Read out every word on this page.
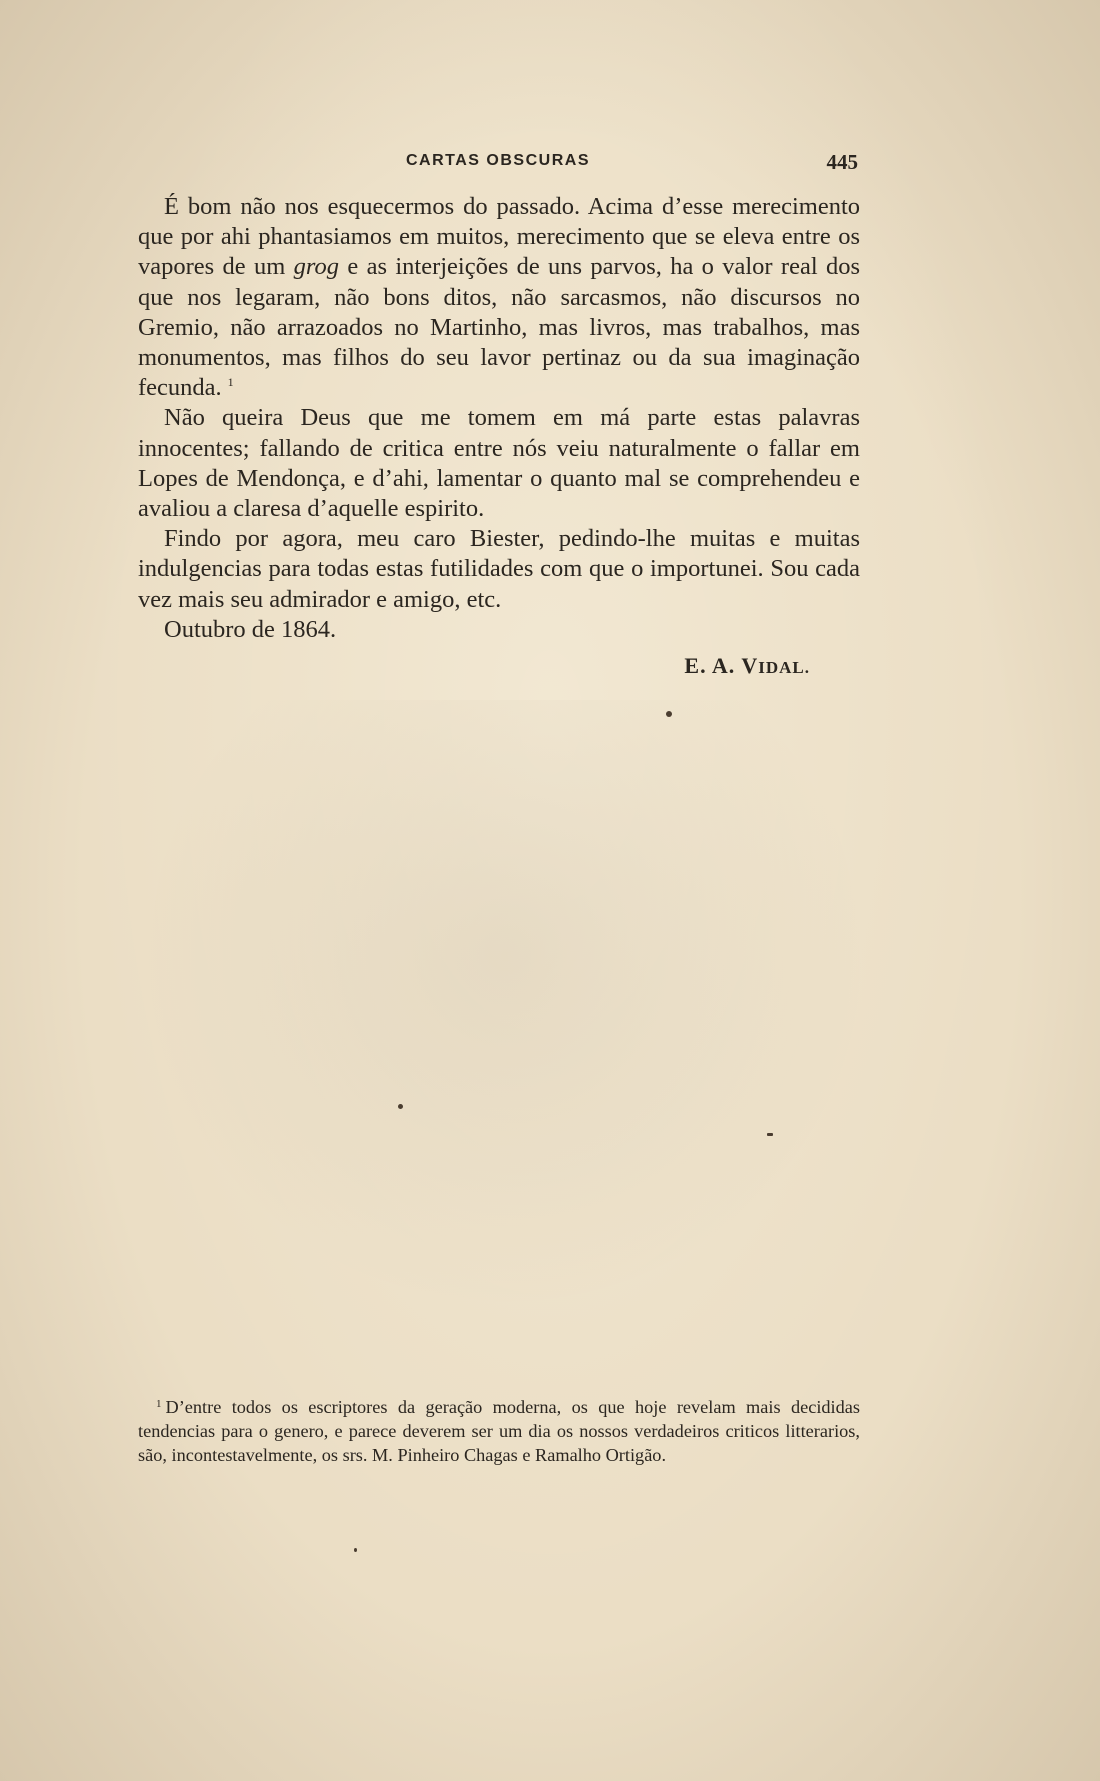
CARTAS OBSCURAS	445

É bom não nos esquecermos do passado. Acima d’esse merecimento que por ahi phantasiamos em muitos, merecimento que se eleva entre os vapores de um grog e as interjeições de uns parvos, ha o valor real dos que nos legaram, não bons ditos, não sarcasmos, não discursos no Gremio, não arrazoados no Martinho, mas livros, mas trabalhos, mas monumentos, mas filhos do seu lavor pertinaz ou da sua imaginação fecunda. $^1$

Não queira Deus que me tomem em má parte estas palavras innocentes; fallando de critica entre nós veiu naturalmente o fallar em Lopes de Mendonça, e d’ahi, lamentar o quanto mal se comprehendeu e avaliou a claresa d’aquelle espirito.

Findo por agora, meu caro Biester, pedindo-lhe muitas e muitas indulgencias para todas estas futilidades com que o importunei. Sou cada vez mais seu admirador e amigo, etc.

Outubro de 1864.

E. A. VIDAL.

$^1$ D’entre todos os escriptores da geração moderna, os que hoje revelam mais decididas tendencias para o genero, e parece deverem ser um dia os nossos verdadeiros criticos litterarios, são, incontestavelmente, os srs. M. Pinheiro Chagas e Ramalho Ortigão.
